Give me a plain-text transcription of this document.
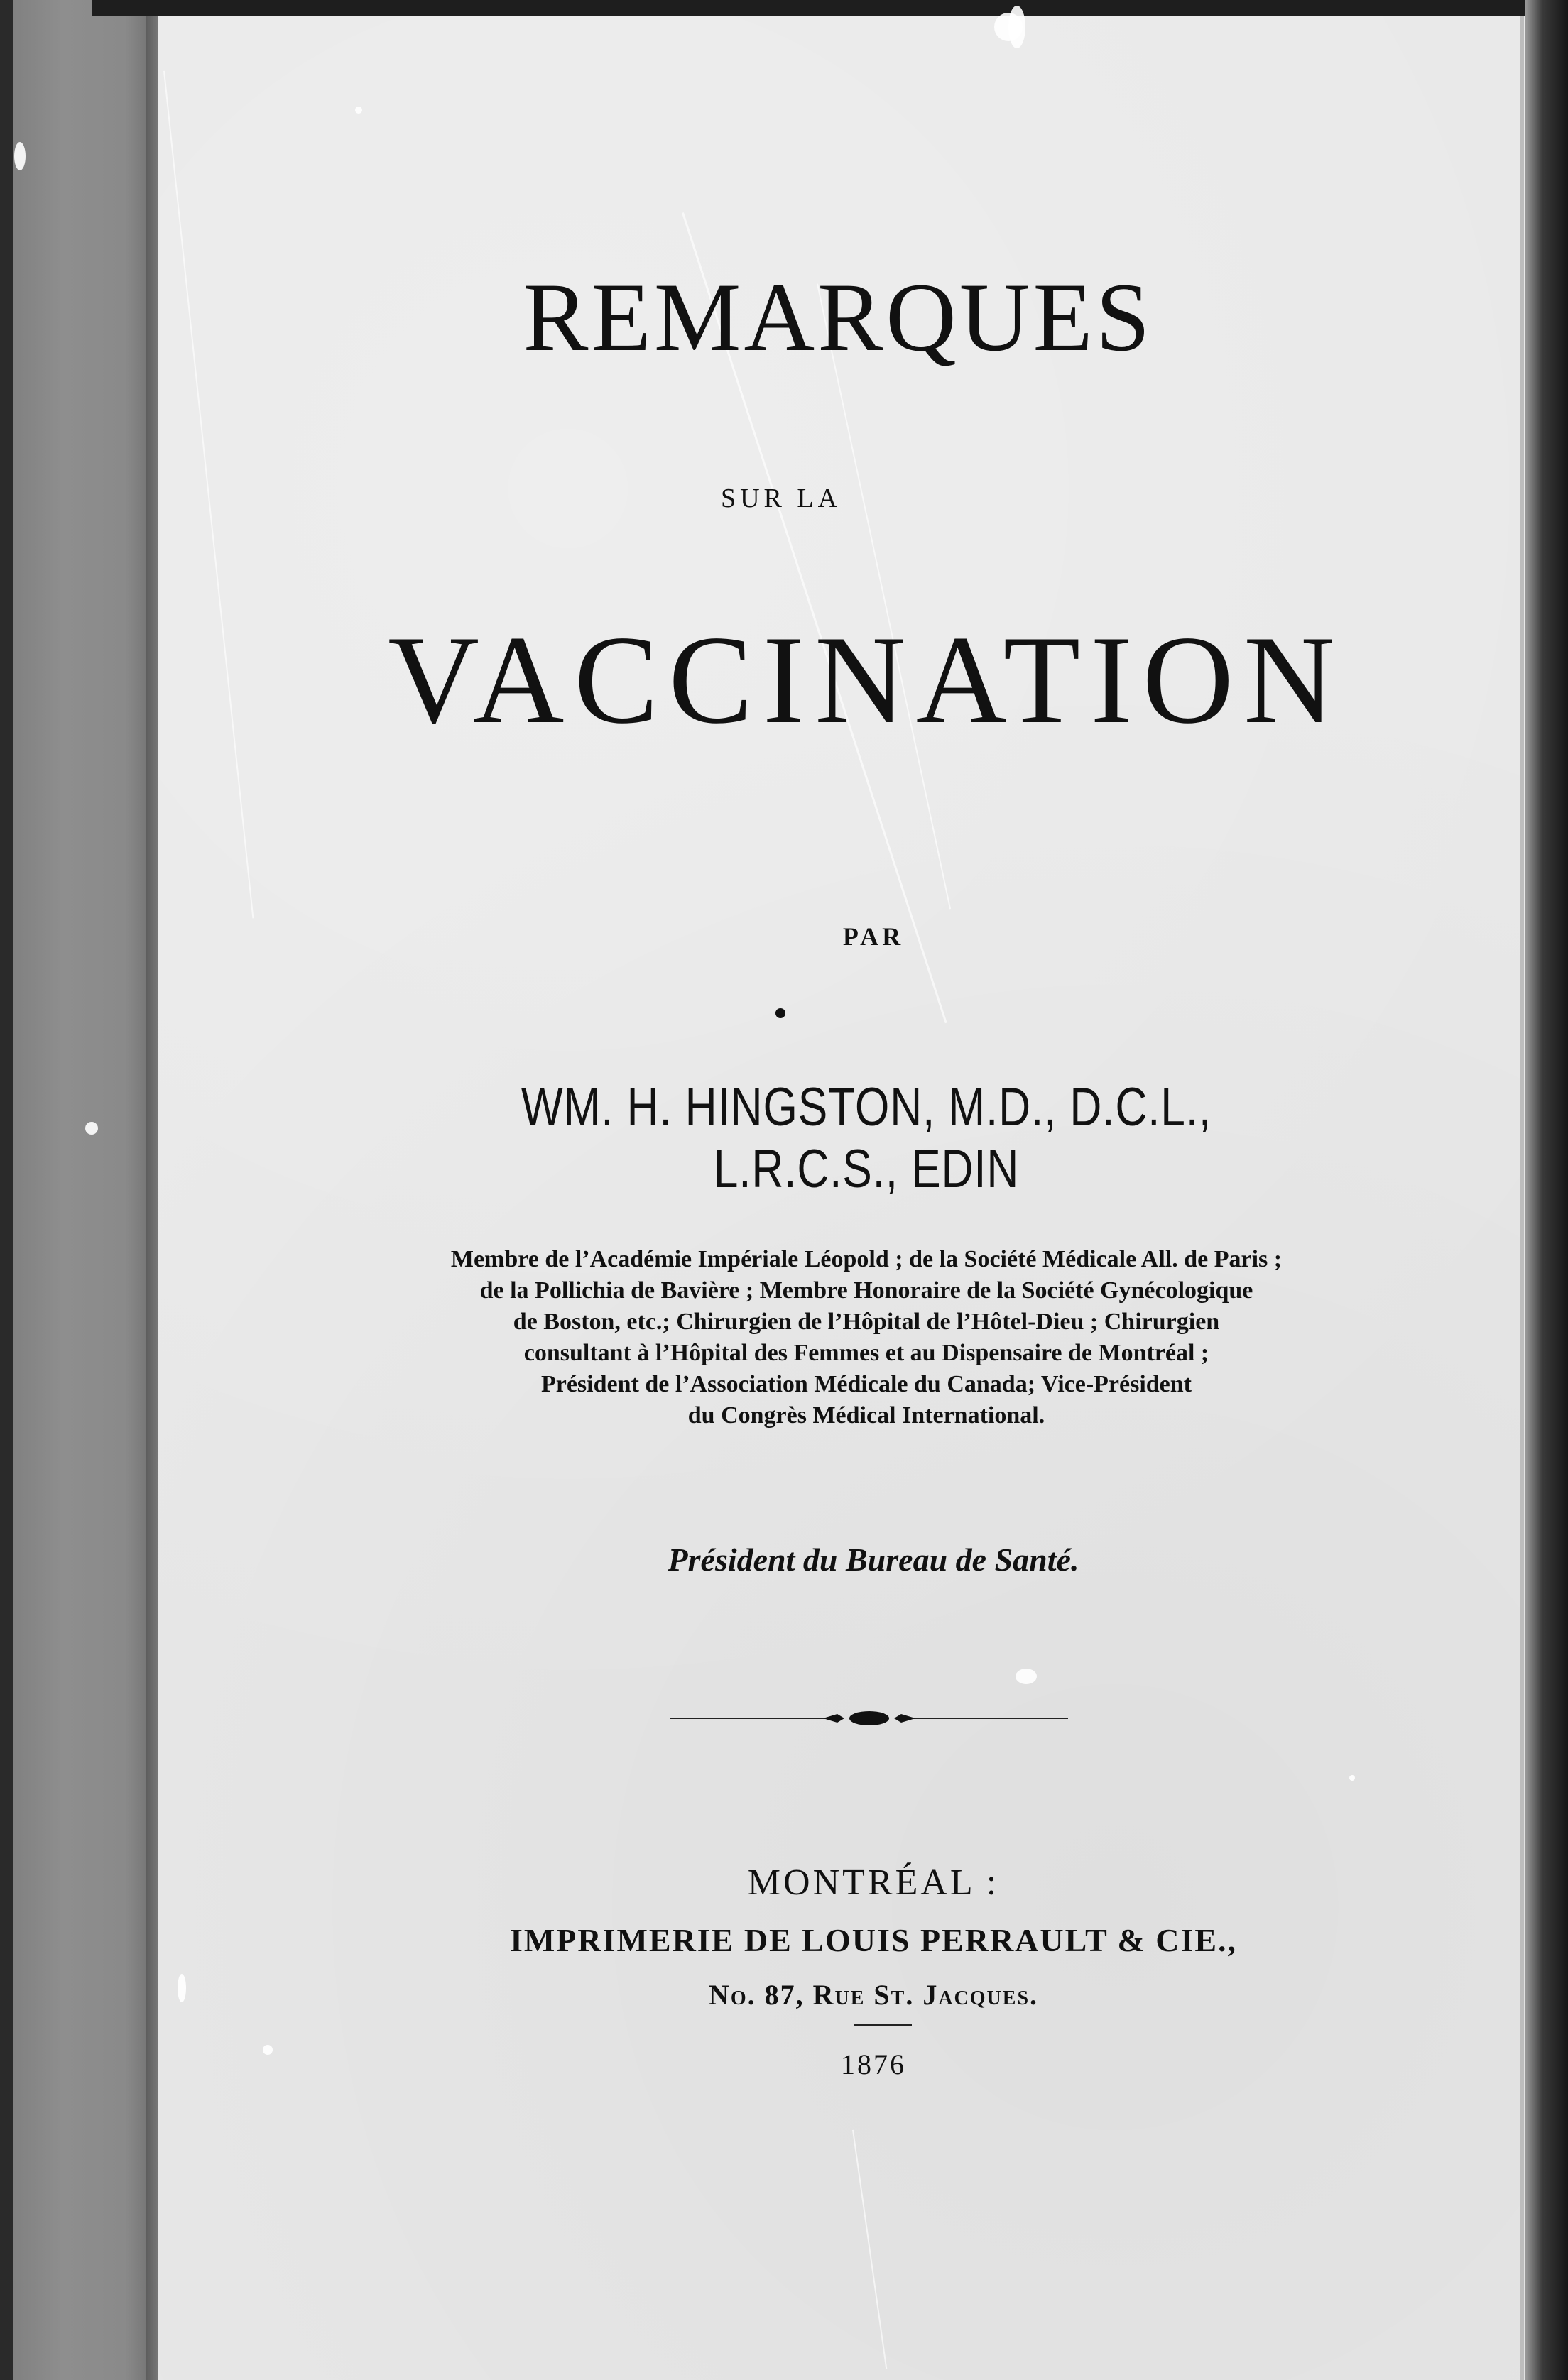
REMARQUES
SUR LA
VACCINATION
PAR
WM. H. HINGSTON, M.D., D.C.L., L.R.C.S., EDIN
Membre de l’Académie Impériale Léopold ; de la Société Médicale All. de Paris ;
de la Pollichia de Bavière ; Membre Honoraire de la Société Gynécologique
de Boston, etc.; Chirurgien de l’Hôpital de l’Hôtel-Dieu ; Chirurgien
consultant à l’Hôpital des Femmes et au Dispensaire de Montréal ;
Président de l’Association Médicale du Canada; Vice-Président
du Congrès Médical International.
Président du Bureau de Santé.
MONTRÉAL :
IMPRIMERIE DE LOUIS PERRAULT & CIE.,
No. 87, Rue St. Jacques.
1876
